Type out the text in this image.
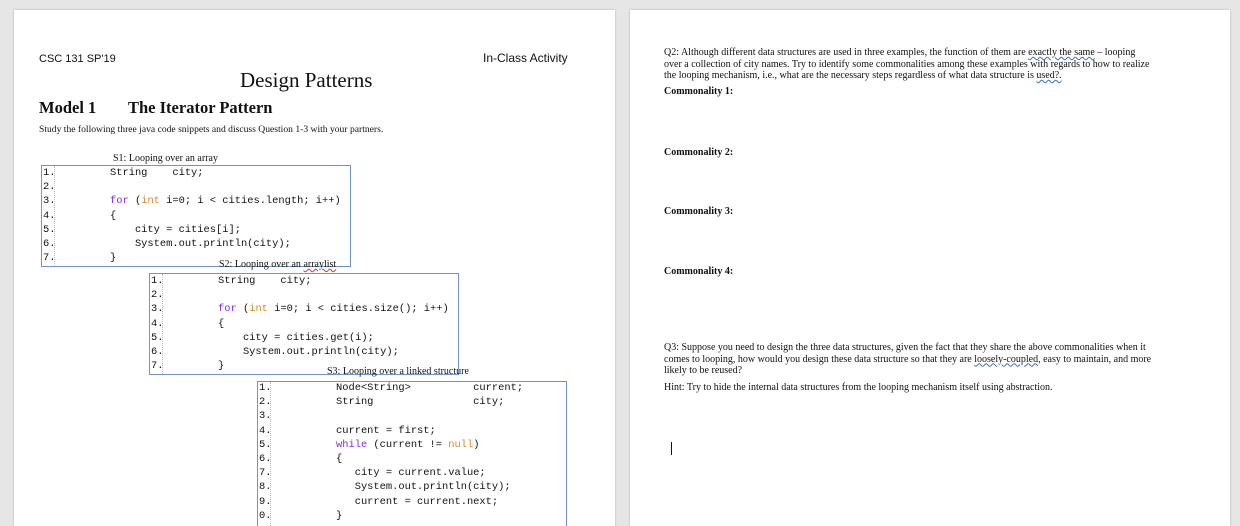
CSC 131 SP'19	In-Class Activity
Design Patterns
Model 1 The Iterator Pattern
Study the following three java code snippets and discuss Question 1-3 with your partners.
S1: Looping over an array
1.	String    city;
2.
3.	for (int i=0; i < cities.length; i++)
4.	{
5.	city = cities[i];
6.	System.out.println(city);
7.	}
S2: Looping over an arraylist
1.	String    city;
2.
3.	for (int i=0; i < cities.size(); i++)
4.	{
5.	city = cities.get(i);
6.	System.out.println(city);
7.	}	S3: Looping over a linked structure
1.	Node<String>          current;
2.	String                city;
3.
4.	current = first;
5.	while (current != null)
6.	{
7.	city = current.value;
8.	System.out.println(city);
9.	current = current.next;
0.	}
Q2: Although different data structures are used in three examples, the function of them are exactly the same – looping
over a collection of city names. Try to identify some commonalities among these examples with regards to how to realize
the looping mechanism, i.e., what are the necessary steps regardless of what data structure is used?.
Commonality 1:
Commonality 2:
Commonality 3:
Commonality 4:
Q3: Suppose you need to design the three data structures, given the fact that they share the above commonalities when it
comes to looping, how would you design these data structure so that they are loosely-coupled, easy to maintain, and more
likely to be reused?
Hint: Try to hide the internal data structures from the looping mechanism itself using abstraction.
